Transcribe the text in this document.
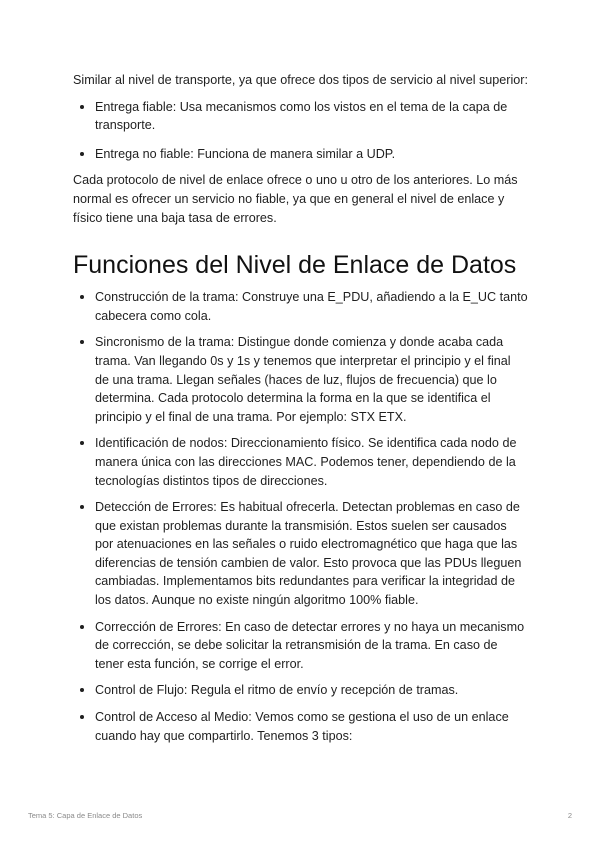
Similar al nivel de transporte, ya que ofrece dos tipos de servicio al nivel superior:

Entrega fiable: Usa mecanismos como los vistos en el tema de la capa de transporte.
Entrega no fiable: Funciona de manera similar a UDP.

Cada protocolo de nivel de enlace ofrece o uno u otro de los anteriores. Lo más normal es ofrecer un servicio no fiable, ya que en general el nivel de enlace y físico tiene una baja tasa de errores.

Funciones del Nivel de Enlace de Datos
Construcción de la trama: Construye una E_PDU, añadiendo a la E_UC tanto cabecera como cola.
Sincronismo de la trama: Distingue donde comienza y donde acaba cada trama. Van llegando 0s y 1s y tenemos que interpretar el principio y el final de una trama. Llegan señales (haces de luz, flujos de frecuencia) que lo determina. Cada protocolo determina la forma en la que se identifica el principio y el final de una trama. Por ejemplo: STX ETX.
Identificación de nodos: Direccionamiento físico. Se identifica cada nodo de manera única con las direcciones MAC. Podemos tener, dependiendo de la tecnologías distintos tipos de direcciones.
Detección de Errores: Es habitual ofrecerla. Detectan problemas en caso de que existan problemas durante la transmisión. Estos suelen ser causados por atenuaciones en las señales o ruido electromagnético que haga que las diferencias de tensión cambien de valor. Esto provoca que las PDUs lleguen cambiadas. Implementamos bits redundantes para verificar la integridad de los datos. Aunque no existe ningún algoritmo 100% fiable.
Corrección de Errores: En caso de detectar errores y no haya un mecanismo de corrección, se debe solicitar la retransmisión de la trama. En caso de tener esta función, se corrige el error.
Control de Flujo: Regula el ritmo de envío y recepción de tramas.
Control de Acceso al Medio: Vemos como se gestiona el uso de un enlace cuando hay que compartirlo. Tenemos 3 tipos:
Tema 5: Capa de Enlace de Datos	2
